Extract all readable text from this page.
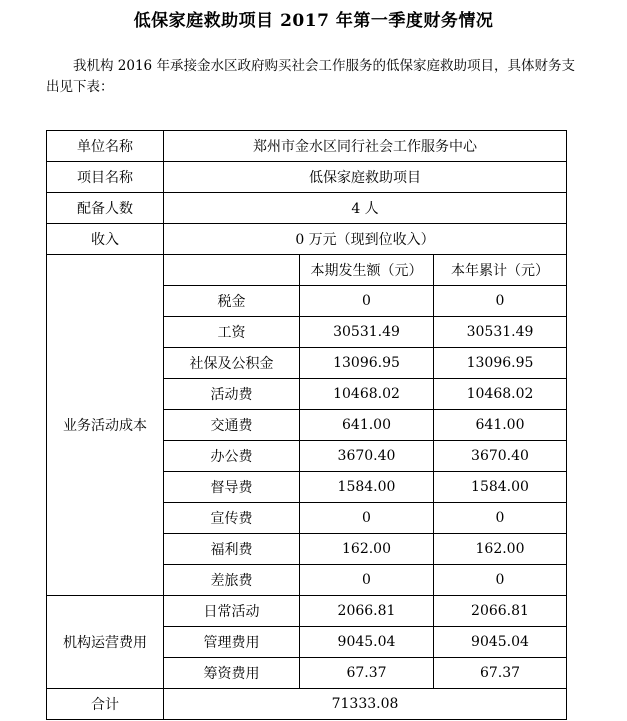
低保家庭救助项目 2017 年第一季度财务情况
　　我机构 2016 年承接金水区政府购买社会工作服务的低保家庭救助项目，具体财务支出见下表：
单位名称	郑州市金水区同行社会工作服务中心		
项目名称	低保家庭救助项目		
配备人数	4 人		
收入	0 万元（现到位收入）		
业务活动成本		本期发生额（元）	本年累计（元）
	税金	0	0
	工资	30531.49	30531.49
	社保及公积金	13096.95	13096.95
	活动费	10468.02	10468.02
	交通费	641.00	641.00
	办公费	3670.40	3670.40
	督导费	1584.00	1584.00
	宣传费	0	0
	福利费	162.00	162.00
	差旅费	0	0
机构运营费用	日常活动	2066.81	2066.81
	管理费用	9045.04	9045.04
	筹资费用	67.37	67.37
合计	71333.08		
